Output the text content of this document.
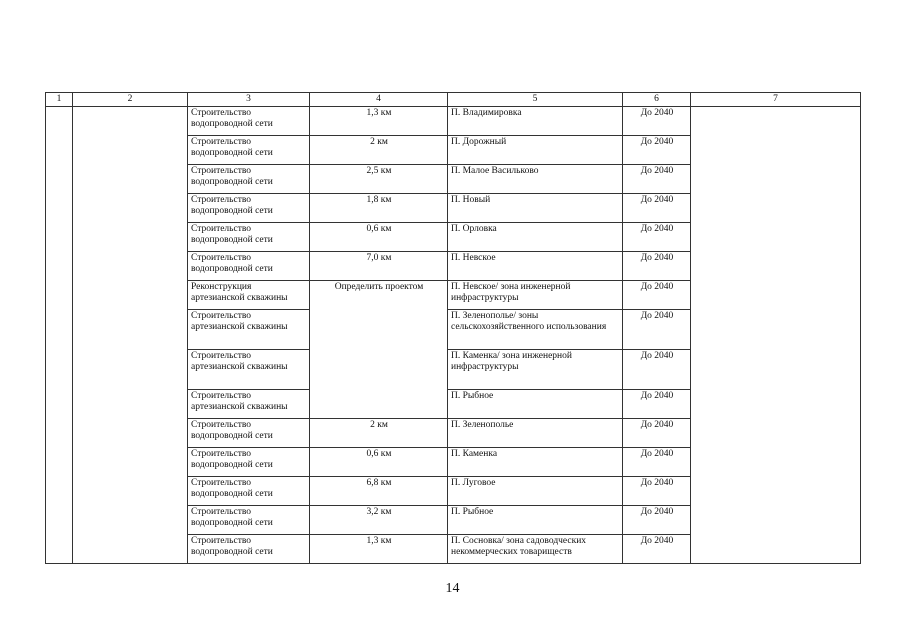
1	2	3	4	5	6	7
		Строительство водопроводной сети	1,3 км	П. Владимировка	До 2040	
		Строительство водопроводной сети	2 км	П. Дорожный	До 2040	
		Строительство водопроводной сети	2,5 км	П. Малое Васильково	До 2040	
		Строительство водопроводной сети	1,8 км	П. Новый	До 2040	
		Строительство водопроводной сети	0,6 км	П. Орловка	До 2040	
		Строительство водопроводной сети	7,0 км	П. Невское	До 2040	
		Реконструкция артезианской скважины	Определить проектом	П. Невское/ зона инженерной инфраструктуры	До 2040	
		Строительство артезианской скважины		П. Зеленополье/ зоны сельскохозяйственного использования	До 2040	
		Строительство артезианской скважины		П. Каменка/ зона инженерной инфраструктуры	До 2040	
		Строительство артезианской скважины		П. Рыбное	До 2040	
		Строительство водопроводной сети	2 км	П. Зеленополье	До 2040	
		Строительство водопроводной сети	0,6 км	П. Каменка	До 2040	
		Строительство водопроводной сети	6,8 км	П. Луговое	До 2040	
		Строительство водопроводной сети	3,2 км	П. Рыбное	До 2040	
		Строительство водопроводной сети	1,3 км	П. Сосновка/ зона садоводческих некоммерческих товариществ	До 2040	
14
